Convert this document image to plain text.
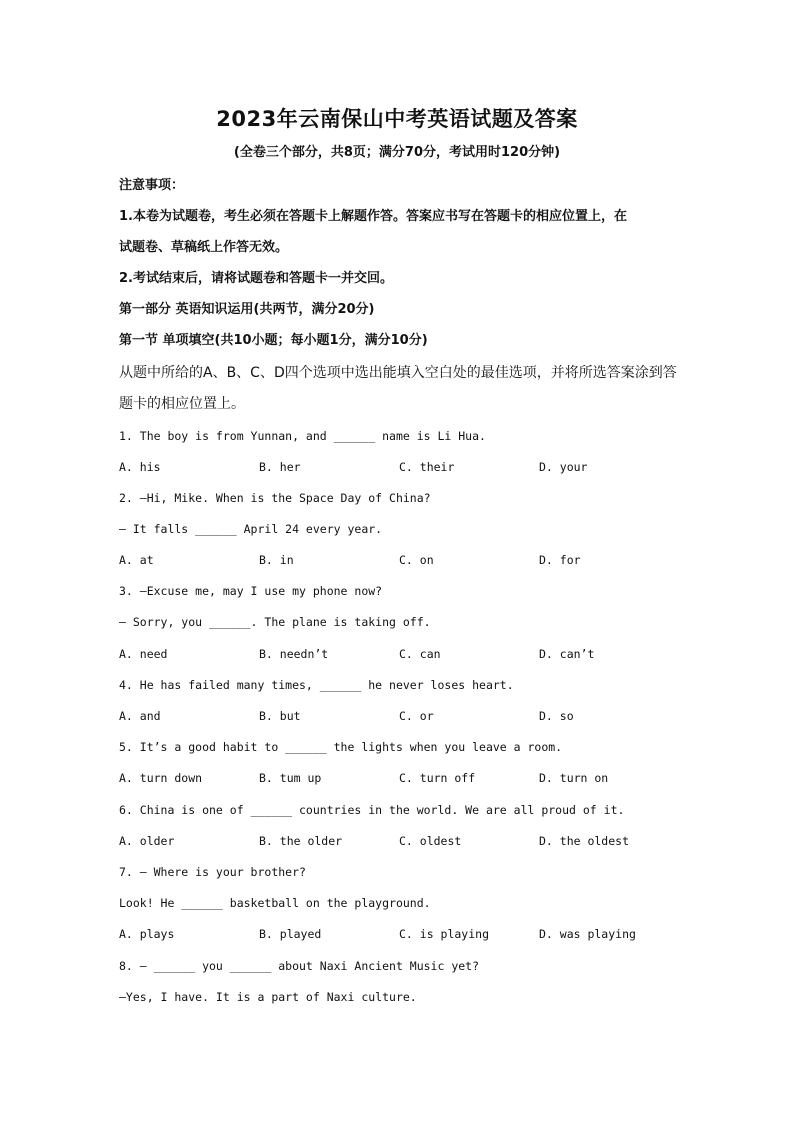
2023年云南保山中考英语试题及答案
(全卷三个部分，共8页；满分70分，考试用时120分钟)
注意事项：
1.本卷为试题卷，考生必须在答题卡上解题作答。答案应书写在答题卡的相应位置上，在
试题卷、草稿纸上作答无效。
2.考试结束后，请将试题卷和答题卡一并交回。
第一部分 英语知识运用(共两节，满分20分)
第一节 单项填空(共10小题；每小题1分，满分10分)
从题中所给的A、B、C、D四个选项中选出能填入空白处的最佳选项，并将所选答案涂到答
题卡的相应位置上。
1. The boy is from Yunnan, and ______ name is Li Hua.
A. his	B. her	C. their	D. your
2. —Hi, Mike. When is the Space Day of China?
— It falls ______ April 24 every year.
A. at	B. in	C. on	D. for
3. —Excuse me, may I use my phone now?
— Sorry, you ______. The plane is taking off.
A. need	B. needn’t	C. can	D. can’t
4. He has failed many times, ______ he never loses heart.
A. and	B. but	C. or	D. so
5. It’s a good habit to ______ the lights when you leave a room.
A. turn down	B. tum up	C. turn off	D. turn on
6. China is one of ______ countries in the world. We are all proud of it.
A. older	B. the older	C. oldest	D. the oldest
7. — Where is your brother?
Look! He ______ basketball on the playground.
A. plays	B. played	C. is playing	D. was playing
8. — ______ you ______ about Naxi Ancient Music yet?
—Yes, I have. It is a part of Naxi culture.
